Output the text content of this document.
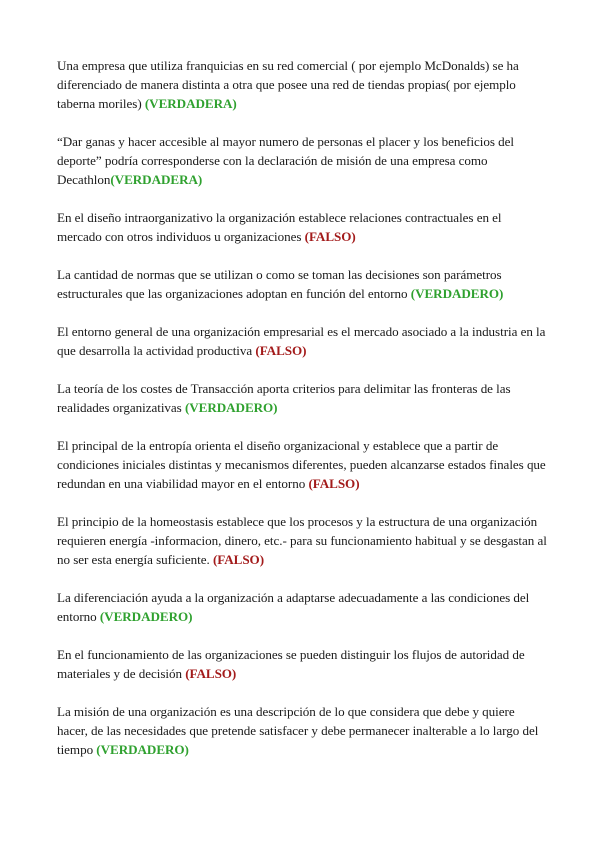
Una empresa que utiliza franquicias en su red comercial ( por ejemplo McDonalds) se ha diferenciado de manera distinta a otra que posee una red de tiendas propias( por ejemplo taberna moriles) (VERDADERA)

“Dar ganas y hacer accesible al mayor numero de personas el placer y los beneficios del deporte” podría corresponderse con la declaración de misión de una empresa como Decathlon(VERDADERA)

En el diseño intraorganizativo la organización establece relaciones contractuales en el mercado con otros individuos u organizaciones (FALSO)

La cantidad de normas que se utilizan o como se toman las decisiones son parámetros estructurales que las organizaciones adoptan en función del entorno (VERDADERO)

El entorno general de una organización empresarial es el mercado asociado a la industria en la que desarrolla la actividad productiva (FALSO)

La teoría de los costes de Transacción aporta criterios para delimitar las fronteras de las realidades organizativas (VERDADERO)

El principal de la entropía orienta el diseño organizacional y establece que a partir de condiciones iniciales distintas y mecanismos diferentes, pueden alcanzarse estados finales que redundan en una viabilidad mayor en el entorno (FALSO)

El principio de la homeostasis establece que los procesos y la estructura de una organización requieren energía -informacion, dinero, etc.- para su funcionamiento habitual y se desgastan al no ser esta energía suficiente. (FALSO)

La diferenciación ayuda a la organización a adaptarse adecuadamente a las condiciones del entorno (VERDADERO)

En el funcionamiento de las organizaciones se pueden distinguir los flujos de autoridad de materiales y de decisión (FALSO)

La misión de una organización es una descripción de lo que considera que debe y quiere hacer, de las necesidades que pretende satisfacer y debe permanecer inalterable a lo largo del tiempo (VERDADERO)
